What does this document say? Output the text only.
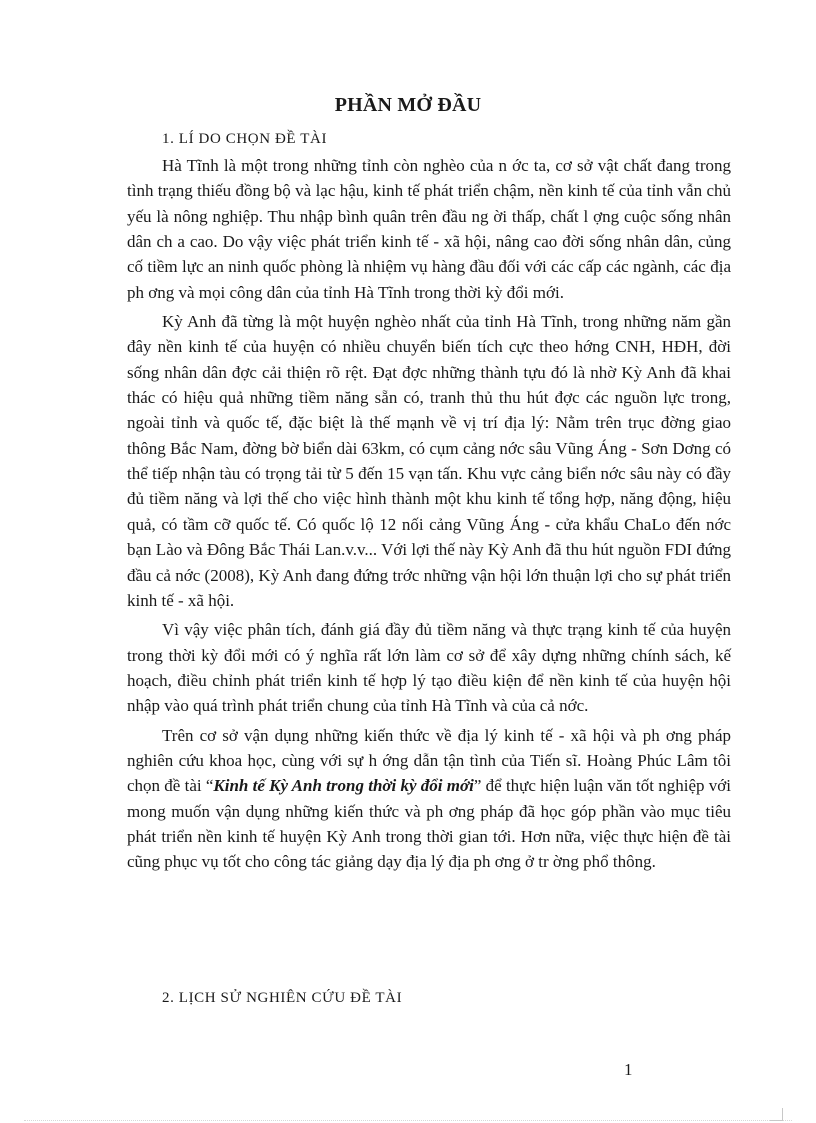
PHẦN MỞ ĐẦU
1. LÍ DO CHỌN ĐỀ TÀI

Hà Tĩnh là một trong những tỉnh còn nghèo của n ớc ta, cơ sở vật chất đang trong tình trạng thiếu đồng bộ và lạc hậu, kinh tế phát triển chậm, nền kinh tế của tỉnh vẫn chủ yếu là nông nghiệp. Thu nhập bình quân trên đầu ng ời thấp, chất l ợng cuộc sống nhân dân ch a cao. Do vậy việc phát triển kinh tế - xã hội, nâng cao đời sống nhân dân, củng cố tiềm lực an ninh quốc phòng là nhiệm vụ hàng đầu đối với các cấp các ngành, các địa ph ơng và mọi công dân của tỉnh Hà Tĩnh trong thời kỳ đổi mới.

Kỳ Anh đã từng là một huyện nghèo nhất của tỉnh Hà Tĩnh, trong những năm gần đây nền kinh tế của huyện có nhiều chuyển biến tích cực theo hớng CNH, HĐH, đời sống nhân dân đợc cải thiện rõ rệt. Đạt đợc những thành tựu đó là nhờ Kỳ Anh đã khai thác có hiệu quả những tiềm năng sẵn có, tranh thủ thu hút đợc các nguồn lực trong, ngoài tỉnh và quốc tế, đặc biệt là thế mạnh về vị trí địa lý: Nằm trên trục đờng giao thông Bắc Nam, đờng bờ biển dài 63km, có cụm cảng nớc sâu Vũng Áng - Sơn Dơng có thể tiếp nhận tàu có trọng tải từ 5 đến 15 vạn tấn. Khu vực cảng biển nớc sâu này có đầy đủ tiềm năng và lợi thế cho việc hình thành một khu kinh tế tổng hợp, năng động, hiệu quả, có tầm cỡ quốc tế. Có quốc lộ 12 nối cảng Vũng Áng - cửa khẩu ChaLo đến nớc bạn Lào và Đông Bắc Thái Lan.v.v... Với lợi thế này Kỳ Anh đã thu hút nguồn FDI đứng đầu cả nớc (2008), Kỳ Anh đang đứng trớc những vận hội lớn thuận lợi cho sự phát triển kinh tế - xã hội.

Vì vậy việc phân tích, đánh giá đầy đủ tiềm năng và thực trạng kinh tế của huyện trong thời kỳ đổi mới có ý nghĩa rất lớn làm cơ sở để xây dựng những chính sách, kế hoạch, điều chỉnh phát triển kinh tế hợp lý tạo điều kiện để nền kinh tế của huyện hội nhập vào quá trình phát triển chung của tỉnh Hà Tĩnh và của cả nớc.

Trên cơ sở vận dụng những kiến thức về địa lý kinh tế - xã hội và ph ơng pháp nghiên cứu khoa học, cùng với sự h ớng dẫn tận tình của Tiến sĩ. Hoàng Phúc Lâm tôi chọn đề tài “Kinh tế Kỳ Anh trong thời kỳ đổi mới” để thực hiện luận văn tốt nghiệp với mong muốn vận dụng những kiến thức và ph ơng pháp đã học góp phần vào mục tiêu phát triển nền kinh tế huyện Kỳ Anh trong thời gian tới. Hơn nữa, việc thực hiện đề tài cũng phục vụ tốt cho công tác giảng dạy địa lý địa ph ơng ở tr ờng phổ thông.

2. LỊCH SỬ NGHIÊN CỨU ĐỀ TÀI
1
